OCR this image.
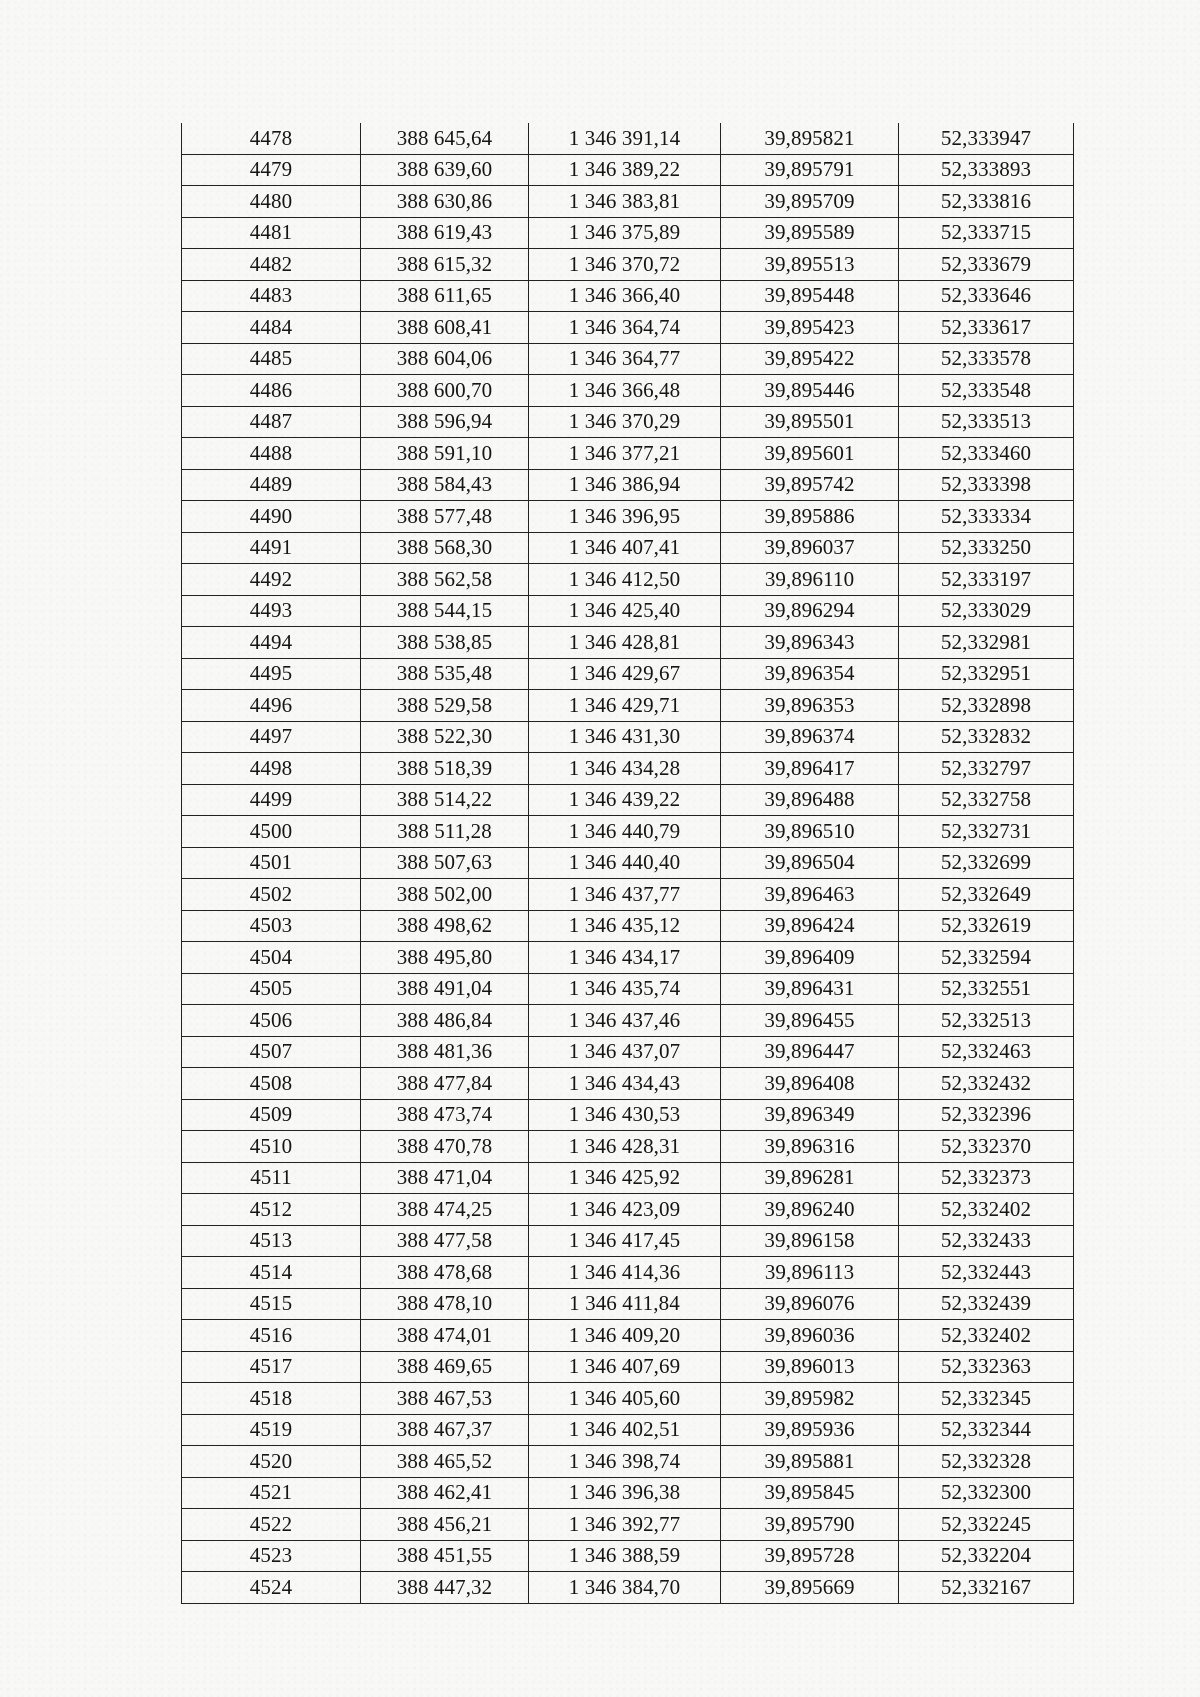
4478	388 645,64	1 346 391,14	39,895821	52,333947
4479	388 639,60	1 346 389,22	39,895791	52,333893
4480	388 630,86	1 346 383,81	39,895709	52,333816
4481	388 619,43	1 346 375,89	39,895589	52,333715
4482	388 615,32	1 346 370,72	39,895513	52,333679
4483	388 611,65	1 346 366,40	39,895448	52,333646
4484	388 608,41	1 346 364,74	39,895423	52,333617
4485	388 604,06	1 346 364,77	39,895422	52,333578
4486	388 600,70	1 346 366,48	39,895446	52,333548
4487	388 596,94	1 346 370,29	39,895501	52,333513
4488	388 591,10	1 346 377,21	39,895601	52,333460
4489	388 584,43	1 346 386,94	39,895742	52,333398
4490	388 577,48	1 346 396,95	39,895886	52,333334
4491	388 568,30	1 346 407,41	39,896037	52,333250
4492	388 562,58	1 346 412,50	39,896110	52,333197
4493	388 544,15	1 346 425,40	39,896294	52,333029
4494	388 538,85	1 346 428,81	39,896343	52,332981
4495	388 535,48	1 346 429,67	39,896354	52,332951
4496	388 529,58	1 346 429,71	39,896353	52,332898
4497	388 522,30	1 346 431,30	39,896374	52,332832
4498	388 518,39	1 346 434,28	39,896417	52,332797
4499	388 514,22	1 346 439,22	39,896488	52,332758
4500	388 511,28	1 346 440,79	39,896510	52,332731
4501	388 507,63	1 346 440,40	39,896504	52,332699
4502	388 502,00	1 346 437,77	39,896463	52,332649
4503	388 498,62	1 346 435,12	39,896424	52,332619
4504	388 495,80	1 346 434,17	39,896409	52,332594
4505	388 491,04	1 346 435,74	39,896431	52,332551
4506	388 486,84	1 346 437,46	39,896455	52,332513
4507	388 481,36	1 346 437,07	39,896447	52,332463
4508	388 477,84	1 346 434,43	39,896408	52,332432
4509	388 473,74	1 346 430,53	39,896349	52,332396
4510	388 470,78	1 346 428,31	39,896316	52,332370
4511	388 471,04	1 346 425,92	39,896281	52,332373
4512	388 474,25	1 346 423,09	39,896240	52,332402
4513	388 477,58	1 346 417,45	39,896158	52,332433
4514	388 478,68	1 346 414,36	39,896113	52,332443
4515	388 478,10	1 346 411,84	39,896076	52,332439
4516	388 474,01	1 346 409,20	39,896036	52,332402
4517	388 469,65	1 346 407,69	39,896013	52,332363
4518	388 467,53	1 346 405,60	39,895982	52,332345
4519	388 467,37	1 346 402,51	39,895936	52,332344
4520	388 465,52	1 346 398,74	39,895881	52,332328
4521	388 462,41	1 346 396,38	39,895845	52,332300
4522	388 456,21	1 346 392,77	39,895790	52,332245
4523	388 451,55	1 346 388,59	39,895728	52,332204
4524	388 447,32	1 346 384,70	39,895669	52,332167
